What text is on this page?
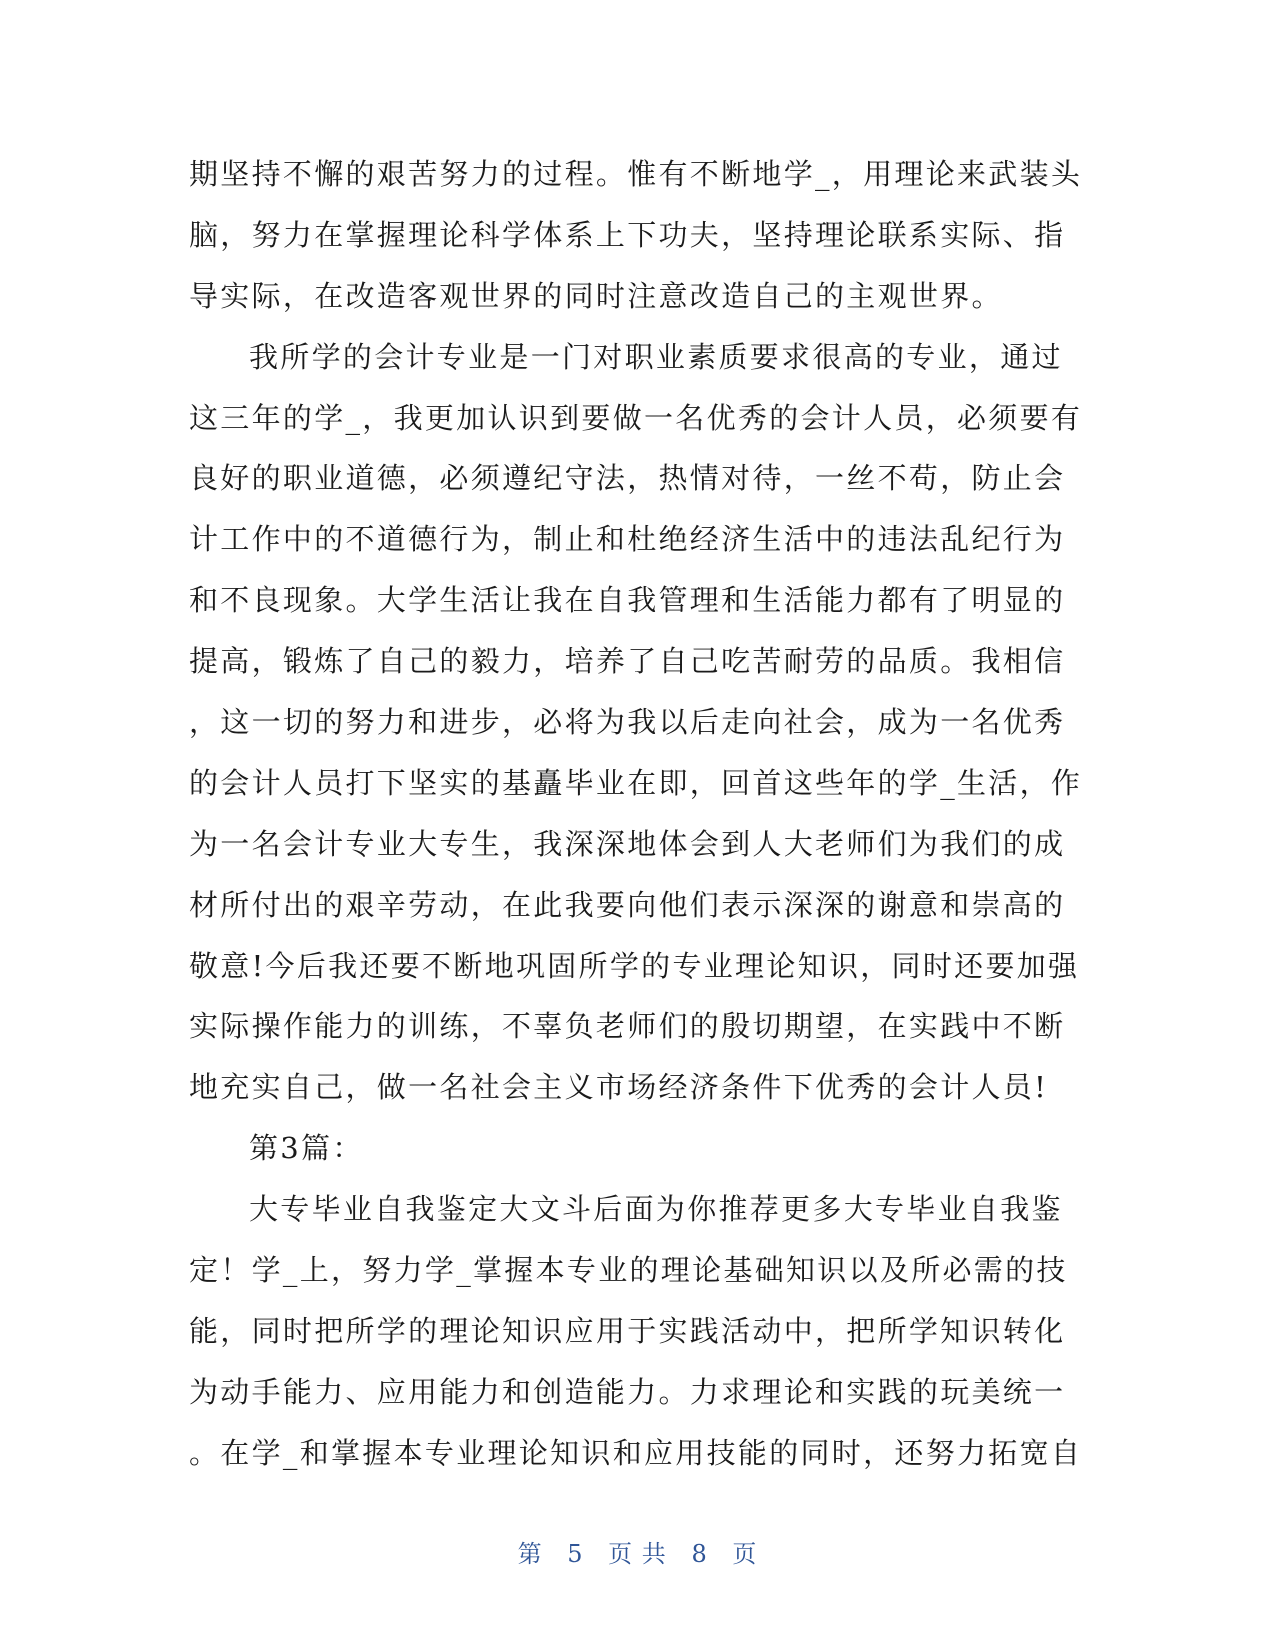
期坚持不懈的艰苦努力的过程。惟有不断地学_，用理论来武装头
脑，努力在掌握理论科学体系上下功夫，坚持理论联系实际、指
导实际，在改造客观世界的同时注意改造自己的主观世界。
我所学的会计专业是一门对职业素质要求很高的专业，通过
这三年的学_，我更加认识到要做一名优秀的会计人员，必须要有
良好的职业道德，必须遵纪守法，热情对待，一丝不苟，防止会
计工作中的不道德行为，制止和杜绝经济生活中的违法乱纪行为
和不良现象。大学生活让我在自我管理和生活能力都有了明显的
提高，锻炼了自己的毅力，培养了自己吃苦耐劳的品质。我相信
，这一切的努力和进步，必将为我以后走向社会，成为一名优秀
的会计人员打下坚实的基矗毕业在即，回首这些年的学_生活，作
为一名会计专业大专生，我深深地体会到人大老师们为我们的成
材所付出的艰辛劳动，在此我要向他们表示深深的谢意和崇高的
敬意!今后我还要不断地巩固所学的专业理论知识，同时还要加强
实际操作能力的训练，不辜负老师们的殷切期望，在实践中不断
地充实自己，做一名社会主义市场经济条件下优秀的会计人员!
第3篇：
大专毕业自我鉴定大文斗后面为你推荐更多大专毕业自我鉴
定！学_上，努力学_掌握本专业的理论基础知识以及所必需的技
能，同时把所学的理论知识应用于实践活动中，把所学知识转化
为动手能力、应用能力和创造能力。力求理论和实践的玩美统一
。在学_和掌握本专业理论知识和应用技能的同时，还努力拓宽自
第 5 页 共 8 页
